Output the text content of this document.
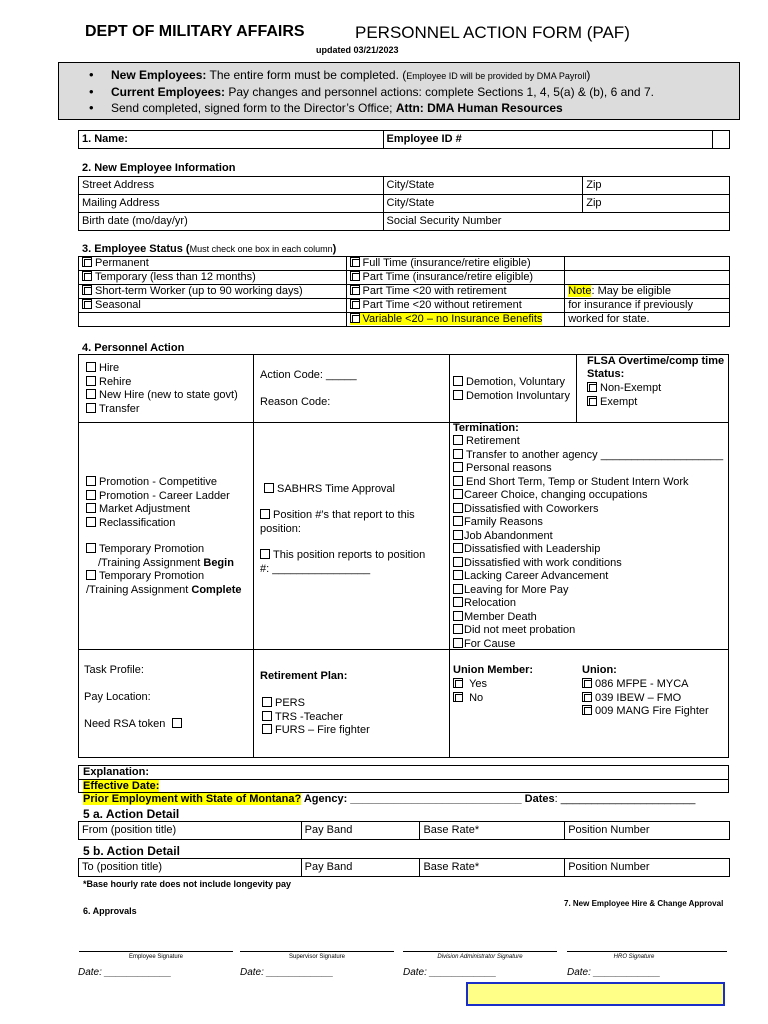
DEPT OF MILITARY AFFAIRS	PERSONNEL ACTION FORM (PAF)
updated 03/21/2023
• New Employees: The entire form must be completed. (Employee ID will be provided by DMA Payroll)
• Current Employees: Pay changes and personnel actions: complete Sections 1, 4, 5(a) & (b), 6 and 7.
• Send completed, signed form to the Director’s Office; Attn: DMA Human Resources
1. Name:	Employee ID #	
2. New Employee Information
Street Address	City/State	Zip
Mailing Address	City/State	Zip
Birth date (mo/day/yr)	Social Security Number	
3. Employee Status (Must check one box in each column)
Permanent	Full Time (insurance/retire eligible)	
Temporary (less than 12 months)	Part Time (insurance/retire eligible)	
Short-term Worker (up to 90 working days)	Part Time <20 with retirement	Note: May be eligible
Seasonal	Part Time <20 without retirement	for insurance if previously
	Variable <20 – no Insurance Benefits	worked for state.
4. Personnel Action
Hire
Rehire
New Hire (new to state govt)
Transfer
Action Code: _____
Reason Code:
Demotion, Voluntary
Demotion Involuntary
FLSA Overtime/comp time Status:
Non-Exempt
Exempt
Promotion - Competitive
Promotion - Career Ladder
Market Adjustment
Reclassification
Temporary Promotion
/Training Assignment Begin
Temporary Promotion
/Training Assignment Complete
SABHRS Time Approval
Position #’s that report to this
position:
This position reports to position
#: ________________
Termination:
Retirement
Transfer to another agency ____________________
Personal reasons
End Short Term, Temp or Student Intern Work
Career Choice, changing occupations
Dissatisfied with Coworkers
Family Reasons
Job Abandonment
Dissatisfied with Leadership
Dissatisfied with work conditions
Lacking Career Advancement
Leaving for More Pay
Relocation
Member Death
Did not meet probation
For Cause
Task Profile:
Pay Location:
Need RSA token
Retirement Plan:
PERS
TRS -Teacher
FURS – Fire fighter
Union Member:
Yes
No
Union:
086 MFPE - MYCA
039 IBEW – FMO
009 MANG Fire Fighter
Explanation:
Effective Date:
Prior Employment with State of Montana? Agency: ____________________________ Dates: ______________________
5 a. Action Detail
From (position title)	Pay Band	Base Rate*	Position Number
5 b. Action Detail
To (position title)	Pay Band	Base Rate*	Position Number
*Base hourly rate does not include longevity pay
6. Approvals
7. New Employee Hire & Change Approval
Employee Signature	Supervisor Signature	Division Administrator Signature	HRO Signature
Date: ____________	Date: ____________	Date: ____________	Date: ____________
